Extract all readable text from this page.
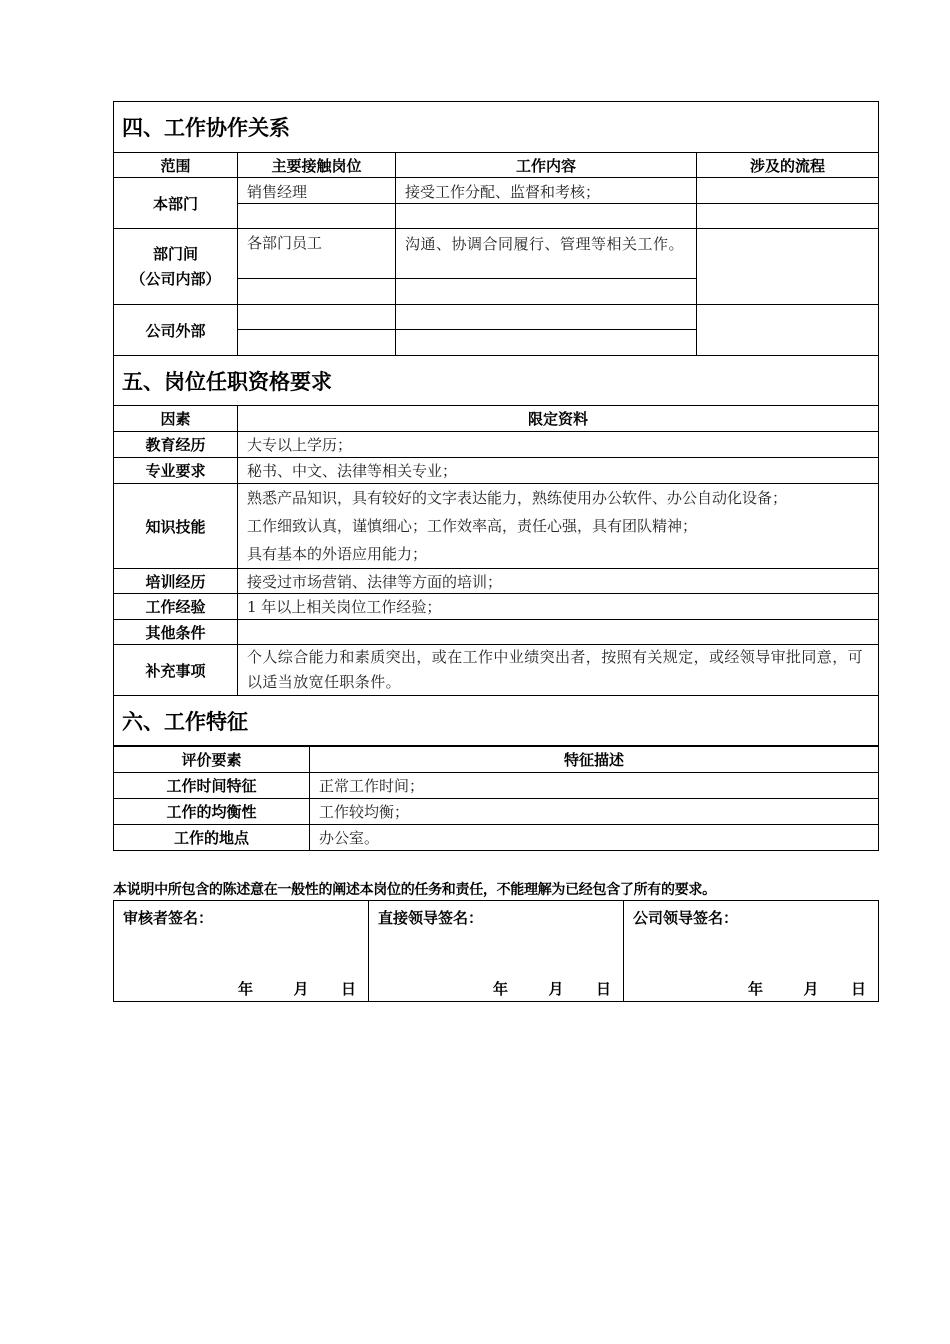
四、工作协作关系			
范围	主要接触岗位	工作内容	涉及的流程
本部门	销售经理	接受工作分配、监督和考核；	

部门间
（公司内部）	各部门员工	沟通、协调合同履行、管理等相关工作。	

公司外部			

五、岗位任职资格要求			
因素	限定资料		
教育经历	大专以上学历；		
专业要求	秘书、中文、法律等相关专业；		
知识技能	熟悉产品知识，具有较好的文字表达能力，熟练使用办公软件、办公自动化设备；
工作细致认真，谨慎细心；工作效率高，责任心强，具有团队精神；
具有基本的外语应用能力；		

培训经历	接受过市场营销、法律等方面的培训；		
工作经验	1 年以上相关岗位工作经验；		
其他条件			
补充事项	个人综合能力和素质突出，或在工作中业绩突出者，按照有关规定，或经领导审批同意，可以适当放宽任职条件。		
六、工作特征			
评价要素	特征描述
工作时间特征	正常工作时间；
工作的均衡性	工作较均衡；
工作的地点	办公室。
本说明中所包含的陈述意在一般性的阐述本岗位的任务和责任，不能理解为已经包含了所有的要求。
审核者签名：
年	月 日

直接领导签名：
年	月 日

公司领导签名：
年	月 日
